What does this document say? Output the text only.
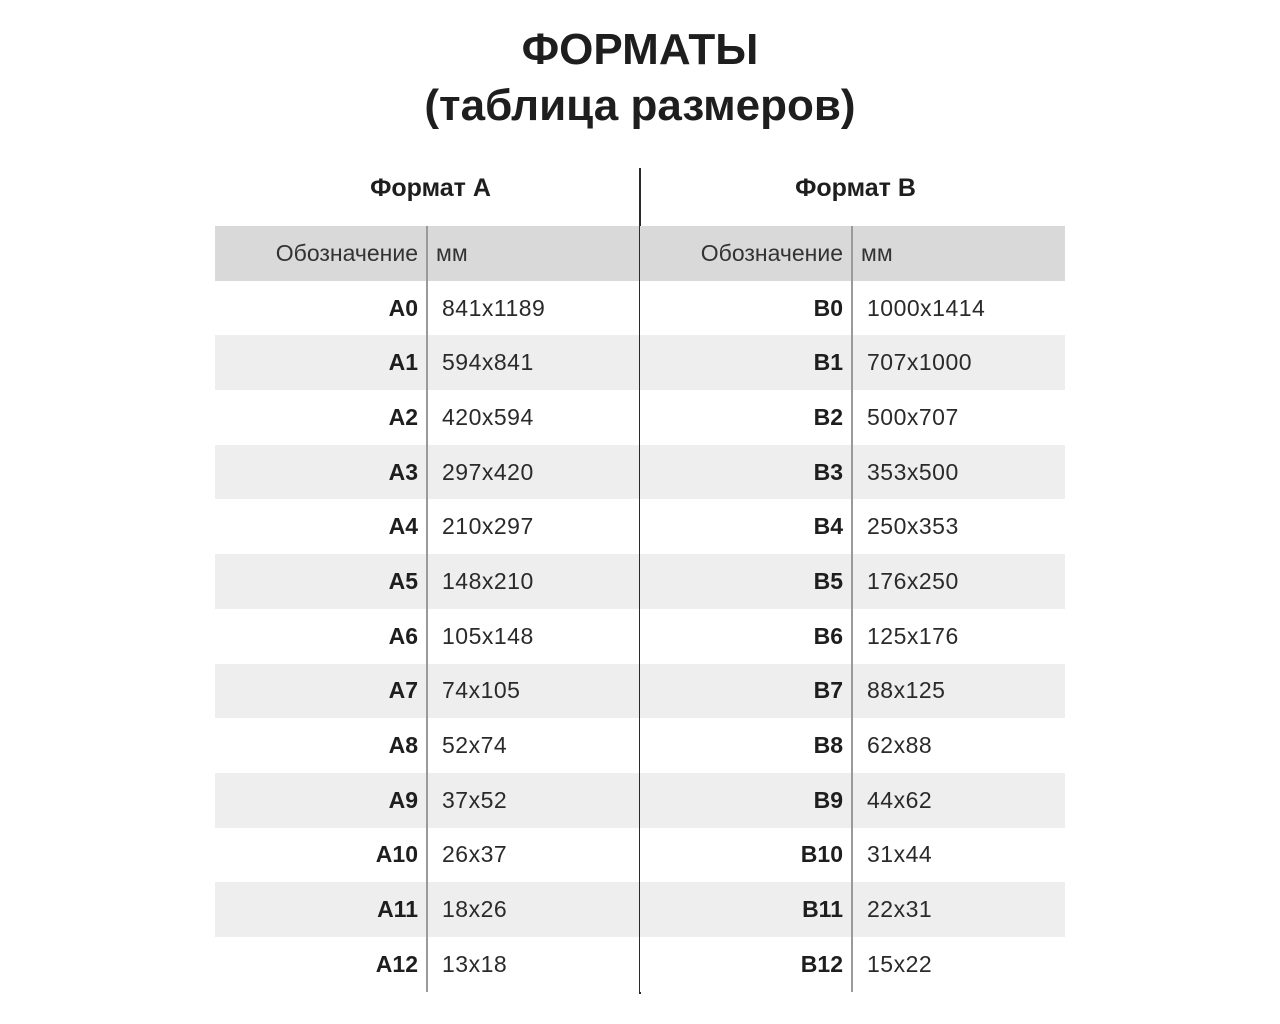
ФОРМАТЫ
(таблица размеров)
Формат А
Обозначение	мм
A0	841x1189
A1	594x841
A2	420x594
A3	297x420
A4	210x297
A5	148x210
A6	105x148
A7	74x105
A8	52x74
A9	37x52
A10	26x37
A11	18x26
A12	13x18
Формат В
Обозначение	мм
B0	1000x1414
B1	707x1000
B2	500x707
B3	353x500
B4	250x353
B5	176x250
B6	125x176
B7	88x125
B8	62x88
B9	44x62
B10	31x44
B11	22x31
B12	15x22
